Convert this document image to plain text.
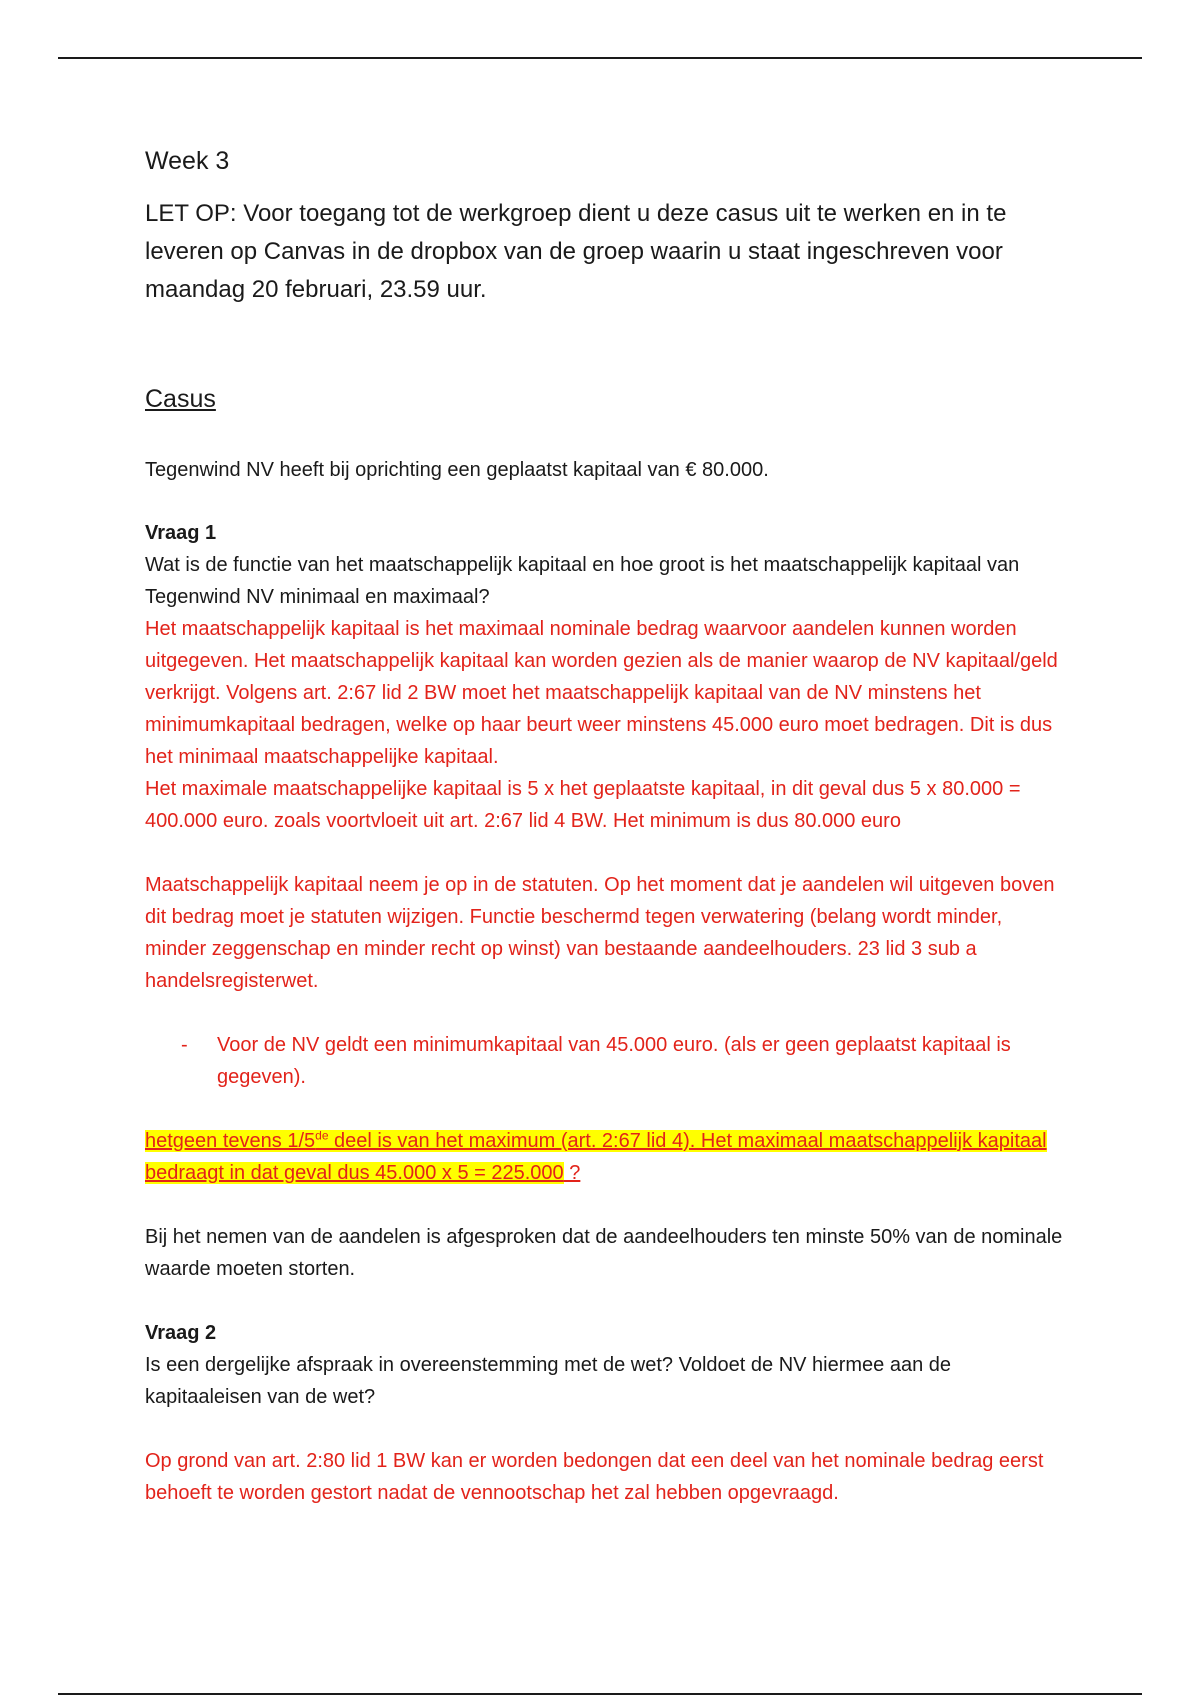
Week 3

LET OP: Voor toegang tot de werkgroep dient u deze casus uit te werken en in te leveren op Canvas in de dropbox van de groep waarin u staat ingeschreven voor maandag 20 februari, 23.59 uur.

Casus

Tegenwind NV heeft bij oprichting een geplaatst kapitaal van € 80.000.

Vraag 1

Wat is de functie van het maatschappelijk kapitaal en hoe groot is het maatschappelijk kapitaal van Tegenwind NV minimaal en maximaal?

Het maatschappelijk kapitaal is het maximaal nominale bedrag waarvoor aandelen kunnen worden uitgegeven. Het maatschappelijk kapitaal kan worden gezien als de manier waarop de NV kapitaal/geld verkrijgt. Volgens art. 2:67 lid 2 BW moet het maatschappelijk kapitaal van de NV minstens het minimumkapitaal bedragen, welke op haar beurt weer minstens 45.000 euro moet bedragen. Dit is dus het minimaal maatschappelijke kapitaal.

Het maximale maatschappelijke kapitaal is 5 x het geplaatste kapitaal, in dit geval dus 5 x 80.000 = 400.000 euro. zoals voortvloeit uit art. 2:67 lid 4 BW. Het minimum is dus 80.000 euro

Maatschappelijk kapitaal neem je op in de statuten. Op het moment dat je aandelen wil uitgeven boven dit bedrag moet je statuten wijzigen. Functie beschermd tegen verwatering (belang wordt minder, minder zeggenschap en minder recht op winst) van bestaande aandeelhouders. 23 lid 3 sub a handelsregisterwet.

- Voor de NV geldt een minimumkapitaal van 45.000 euro. (als er geen geplaatst kapitaal is gegeven).

hetgeen tevens 1/5de deel is van het maximum (art. 2:67 lid 4). Het maximaal maatschappelijk kapitaal bedraagt in dat geval dus 45.000 x 5 = 225.000 ?

Bij het nemen van de aandelen is afgesproken dat de aandeelhouders ten minste 50% van de nominale waarde moeten storten.

Vraag 2

Is een dergelijke afspraak in overeenstemming met de wet? Voldoet de NV hiermee aan de kapitaaleisen van de wet?

Op grond van art. 2:80 lid 1 BW kan er worden bedongen dat een deel van het nominale bedrag eerst behoeft te worden gestort nadat de vennootschap het zal hebben opgevraagd.
